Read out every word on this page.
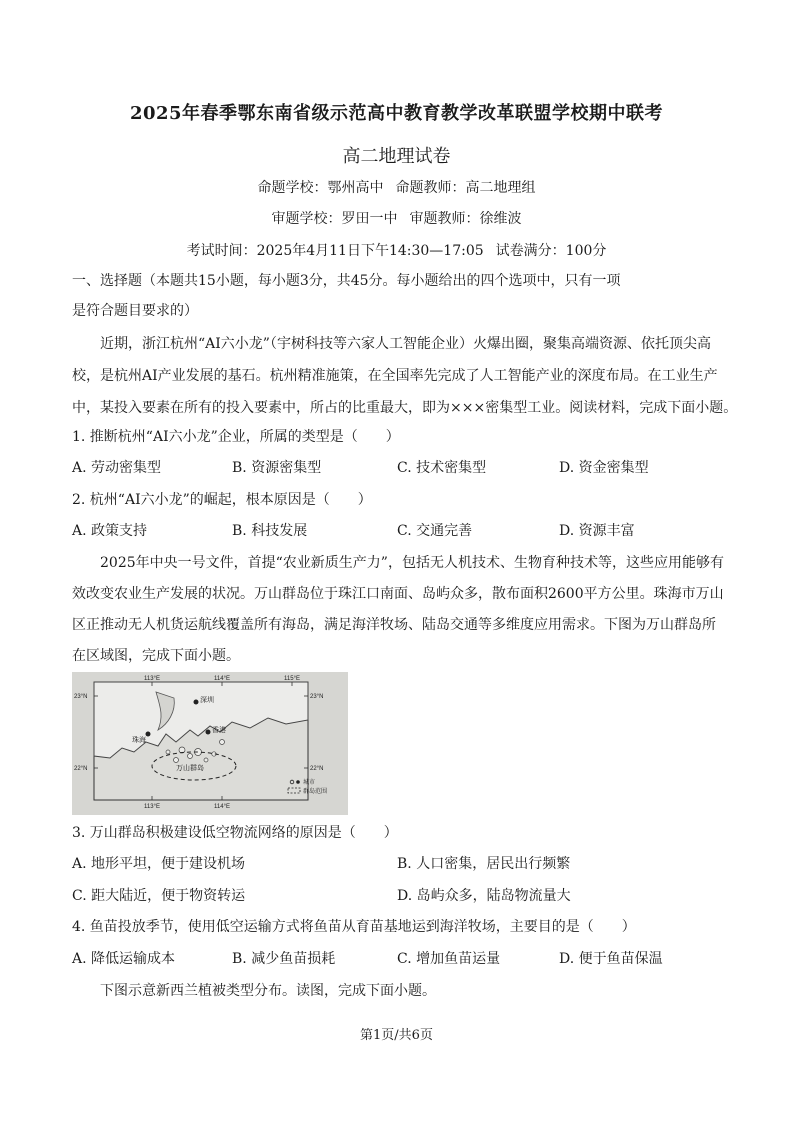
2025年春季鄂东南省级示范高中教育教学改革联盟学校期中联考
高二地理试卷
命题学校：鄂州高中 命题教师：高二地理组
审题学校：罗田一中 审题教师：徐维波
考试时间：2025年4月11日下午14:30—17:05 试卷满分：100分
一、选择题（本题共15小题，每小题3分，共45分。每小题给出的四个选项中，只有一项
是符合题目要求的）
近期，浙江杭州“AI六小龙”（宇树科技等六家人工智能企业）火爆出圈，聚集高端资源、依托顶尖高
校，是杭州AI产业发展的基石。杭州精准施策，在全国率先完成了人工智能产业的深度布局。在工业生产
中，某投入要素在所有的投入要素中，所占的比重最大，即为×××密集型工业。阅读材料，完成下面小题。
1. 推断杭州“AI六小龙”企业，所属的类型是（　　）
A. 劳动密集型	B. 资源密集型	C. 技术密集型	D. 资金密集型
2. 杭州“AI六小龙”的崛起，根本原因是（　　）
A. 政策支持	B. 科技发展	C. 交通完善	D. 资源丰富
2025年中央一号文件，首提“农业新质生产力”，包括无人机技术、生物育种技术等，这些应用能够有
效改变农业生产发展的状况。万山群岛位于珠江口南面、岛屿众多，散布面积2600平方公里。珠海市万山
区正推动无人机货运航线覆盖所有海岛，满足海洋牧场、陆岛交通等多维度应用需求。下图为万山群岛所
在区域图，完成下面小题。
113°E	114°E	115°E
113°E	114°E
23°N
22°N
23°N
22°N
深圳
珠海
香港
万山群岛
城市
群岛范围
3. 万山群岛积极建设低空物流网络的原因是（　　）
A. 地形平坦，便于建设机场	B. 人口密集，居民出行频繁
C. 距大陆近，便于物资转运	D. 岛屿众多，陆岛物流量大
4. 鱼苗投放季节，使用低空运输方式将鱼苗从育苗基地运到海洋牧场，主要目的是（　　）
A. 降低运输成本	B. 减少鱼苗损耗	C. 增加鱼苗运量	D. 便于鱼苗保温
下图示意新西兰植被类型分布。读图，完成下面小题。
第1页/共6页
